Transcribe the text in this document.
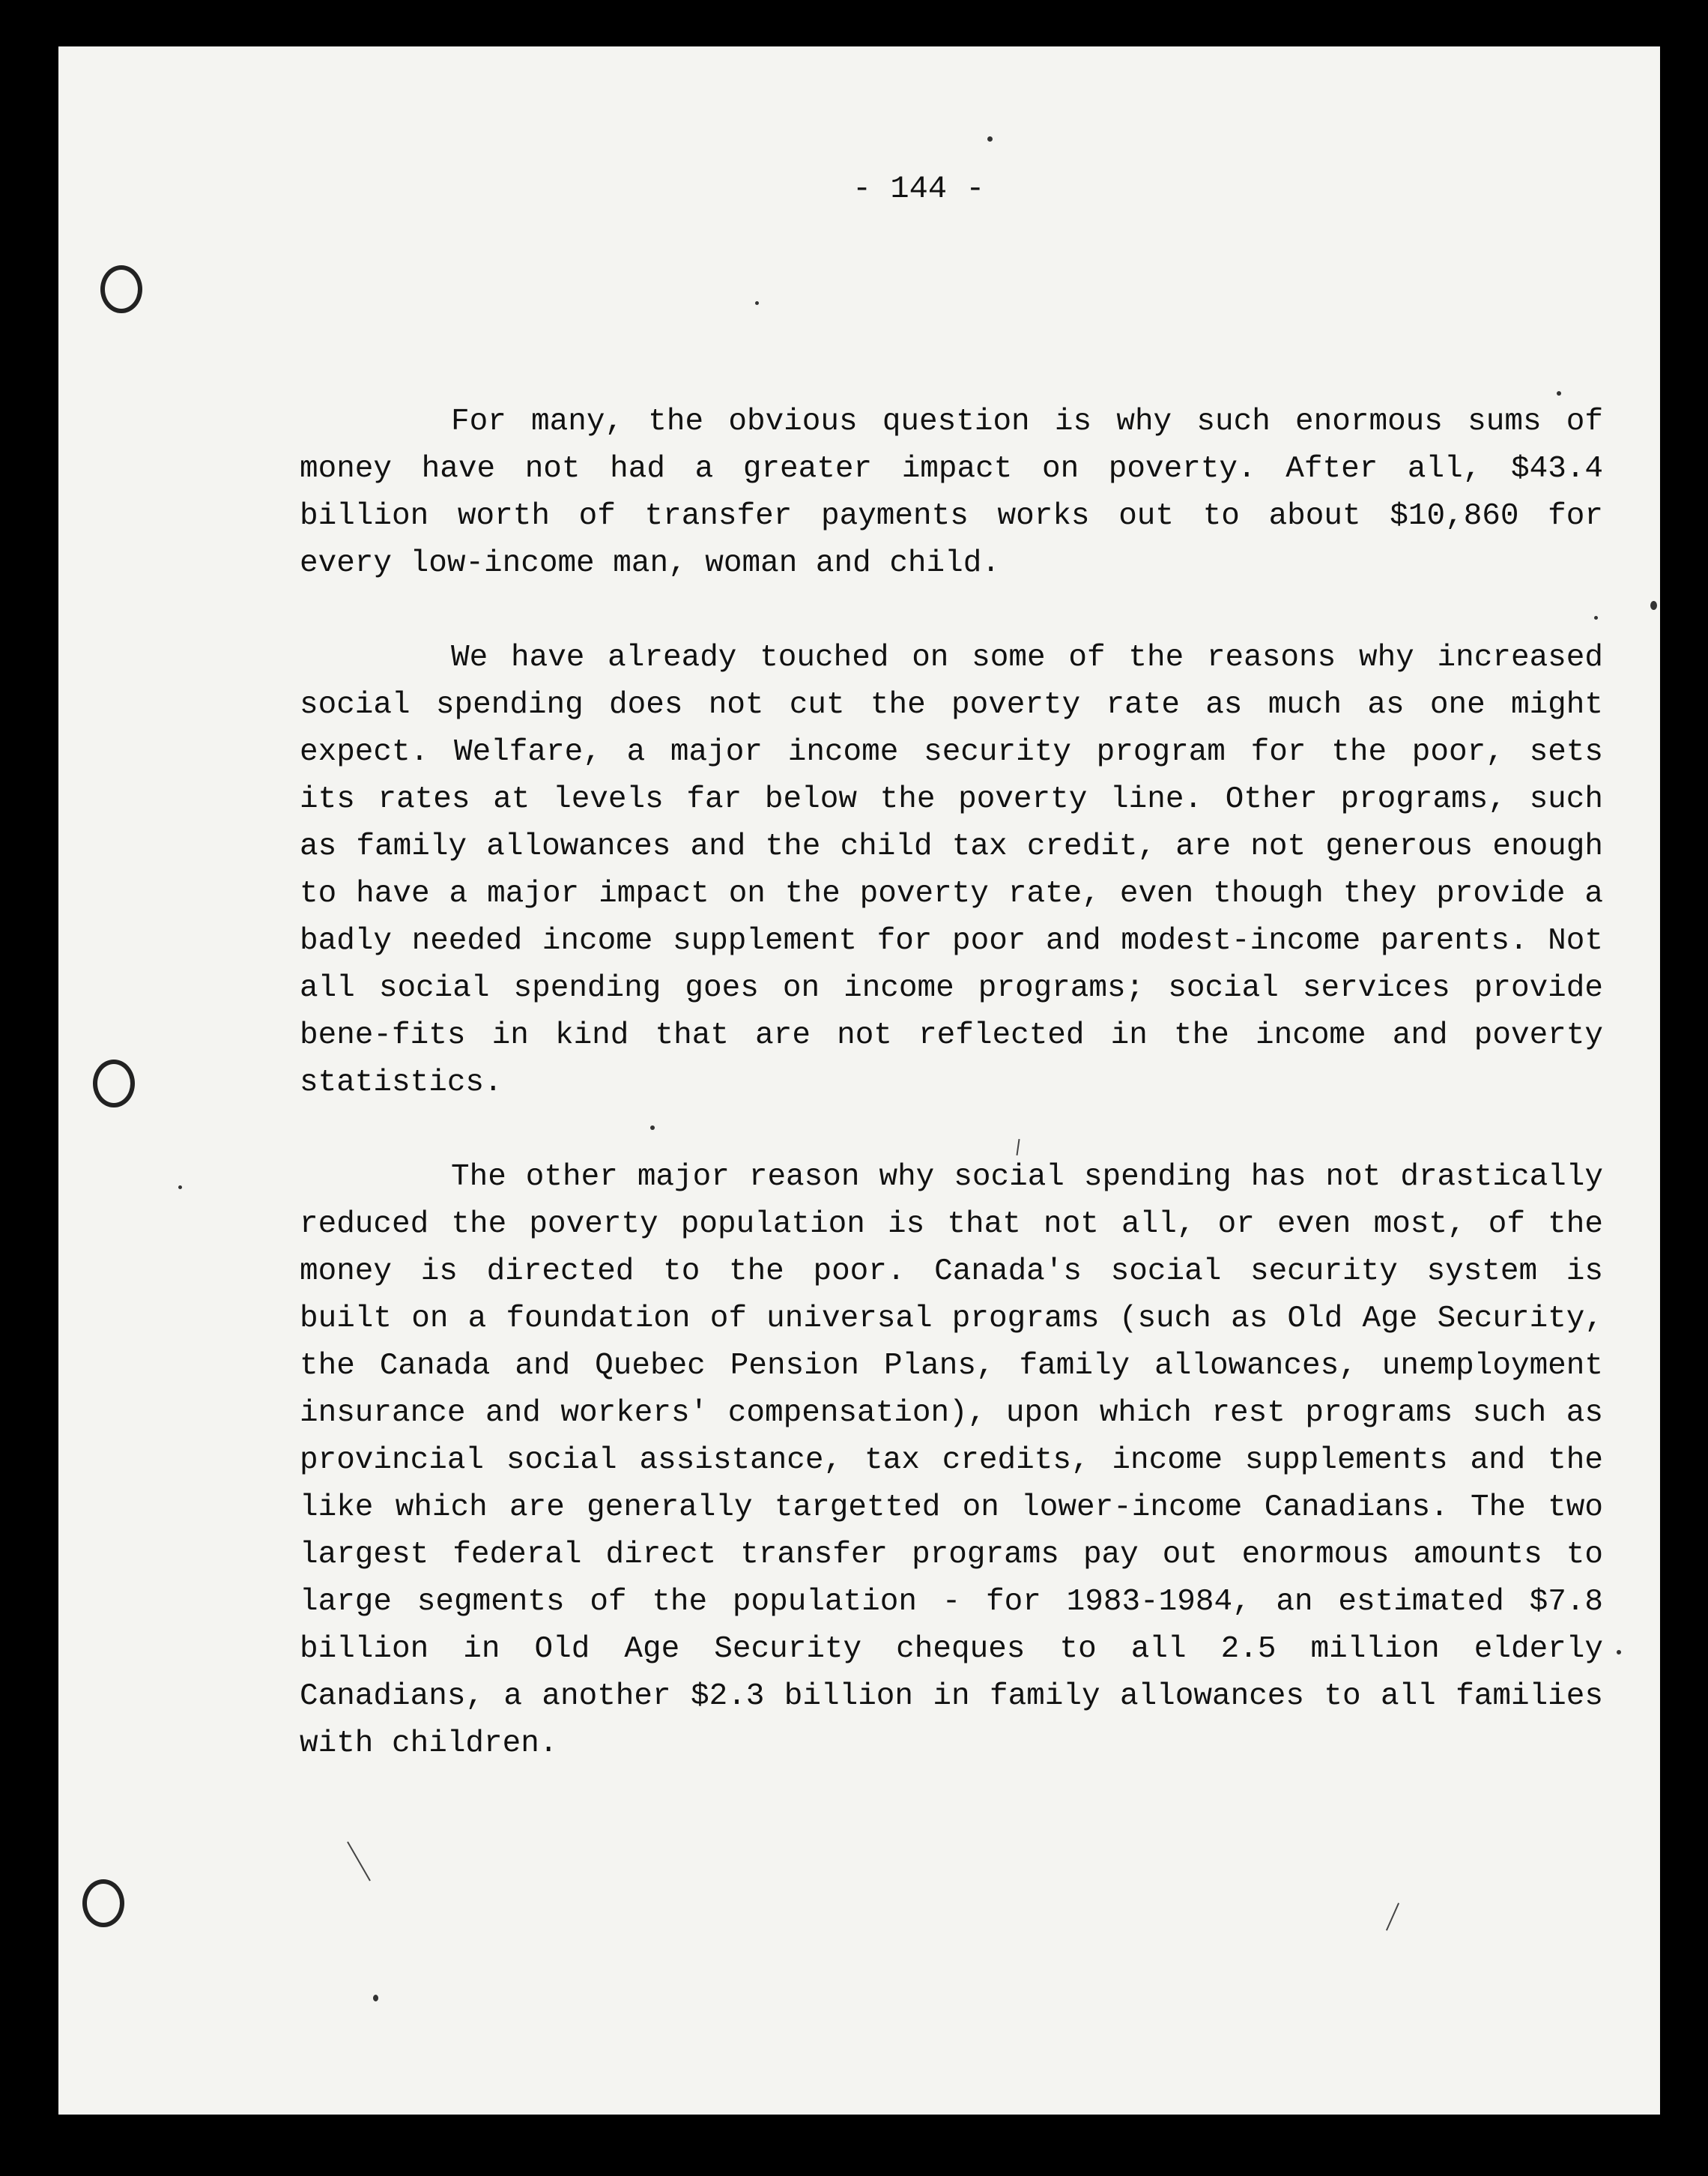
- 144 -

For many, the obvious question is why such enormous sums of money have not had a greater impact on poverty. After all, $43.4 billion worth of transfer payments works out to about $10,860 for every low-income man, woman and child.

We have already touched on some of the reasons why increased social spending does not cut the poverty rate as much as one might expect. Welfare, a major income security program for the poor, sets its rates at levels far below the poverty line. Other programs, such as family allowances and the child tax credit, are not generous enough to have a major impact on the poverty rate, even though they provide a badly needed income supplement for poor and modest-income parents. Not all social spending goes on income programs; social services provide bene-fits in kind that are not reflected in the income and poverty statistics.

The other major reason why social spending has not drastically reduced the poverty population is that not all, or even most, of the money is directed to the poor. Canada's social security system is built on a foundation of universal programs (such as Old Age Security, the Canada and Quebec Pension Plans, family allowances, unemployment insurance and workers' compensation), upon which rest programs such as provincial social assistance, tax credits, income supplements and the like which are generally targetted on lower-income Canadians. The two largest federal direct transfer programs pay out enormous amounts to large segments of the population - for 1983-1984, an estimated $7.8 billion in Old Age Security cheques to all 2.5 million elderly Canadians, a another $2.3 billion in family allowances to all families with children.
